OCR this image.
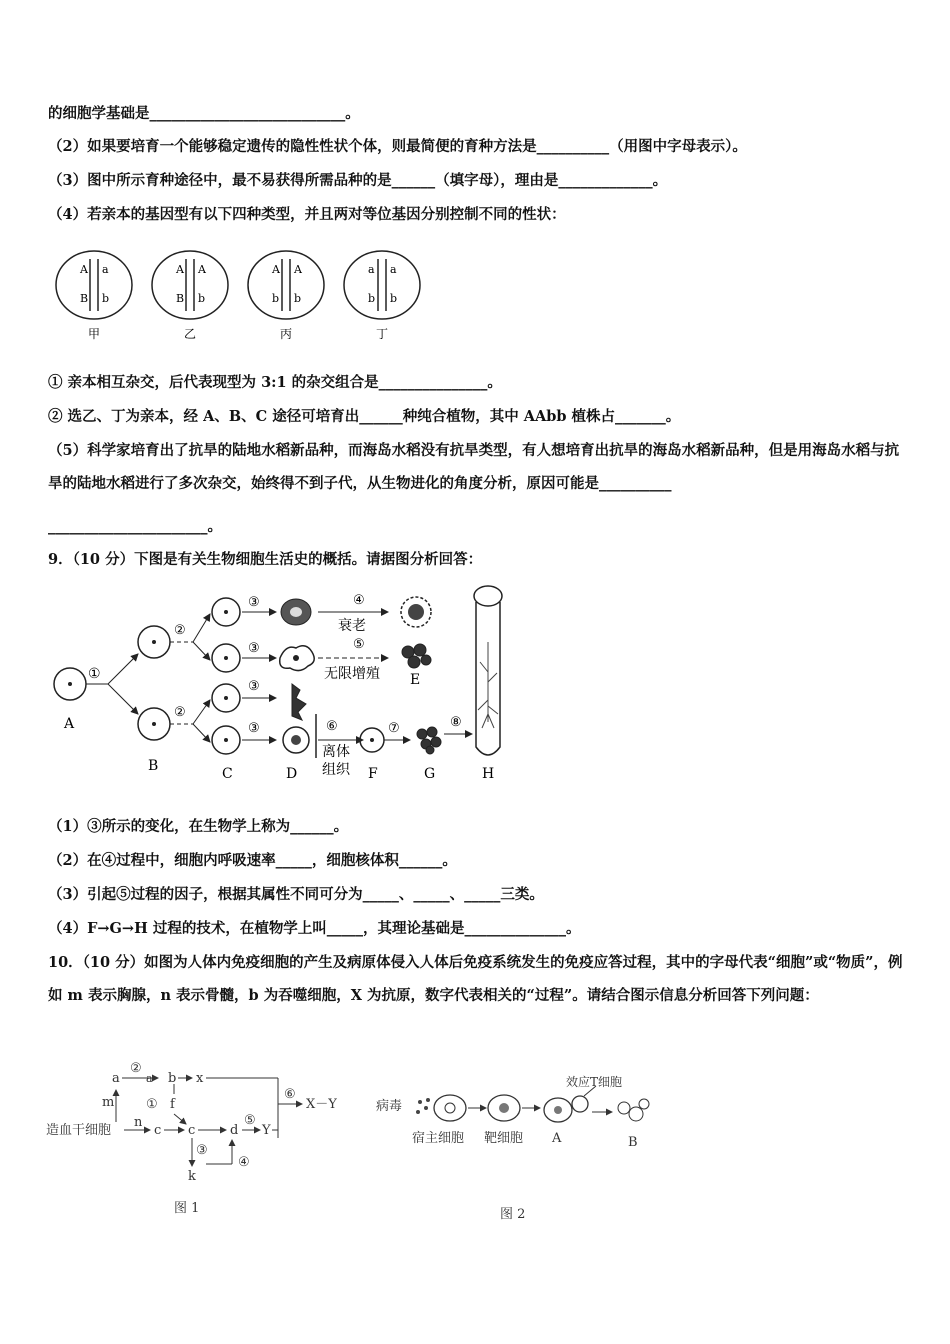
的细胞学基础是___________________________。
（2）如果要培育一个能够稳定遗传的隐性性状个体，则最简便的育种方法是__________（用图中字母表示）。
（3）图中所示育种途径中，最不易获得所需品种的是______（填字母），理由是_____________。
（4）若亲本的基因型有以下四种类型，并且两对等位基因分别控制不同的性状：
A a
B b
甲
A A
B b
乙
A A
b b
丙
a a
b b
丁
① 亲本相互杂交，后代表现型为 3:1 的杂交组合是_______________。
② 选乙、丁为亲本，经 A、B、C 途径可培育出______种纯合植物，其中 AAbb 植株占_______。
（5）科学家培育出了抗旱的陆地水稻新品种，而海岛水稻没有抗旱类型，有人想培育出抗旱的海岛水稻新品种，但是用海岛水稻与抗旱的陆地水稻进行了多次杂交，始终得不到子代，从生物进化的角度分析，原因可能是__________
______________________。
9．（10 分）下图是有关生物细胞生活史的概括。请据图分析回答：
A
①
②
B
②
C
③
③
③
③
D
④
衰老
⑤
无限增殖 E
⑥
离体
组织 F
⑦
G
⑧
H
（1）③所示的变化，在生物学上称为______。
（2）在④过程中，细胞内呼吸速率_____，细胞核体积______。
（3）引起⑤过程的因子，根据其属性不同可分为_____、_____、_____三类。
（4）F→G→H 过程的技术，在植物学上叫_____，其理论基础是______________。
10．（10 分）如图为人体内免疫细胞的产生及病原体侵入人体后免疫系统发生的免疫应答过程，其中的字母代表“细胞”或“物质”，例如 m 表示胸腺，n 表示骨髓，b 为吞噬细胞，X 为抗原，数字代表相关的“过程”。请结合图示信息分析回答下列问题：
a
②
a b x
⑥
X－Y
m ① f
造血干细胞
n
c c	d
⑤
Y
③
k
④
图 1
病毒
效应T细胞
宿主细胞 靶细胞 A	B
图 2
